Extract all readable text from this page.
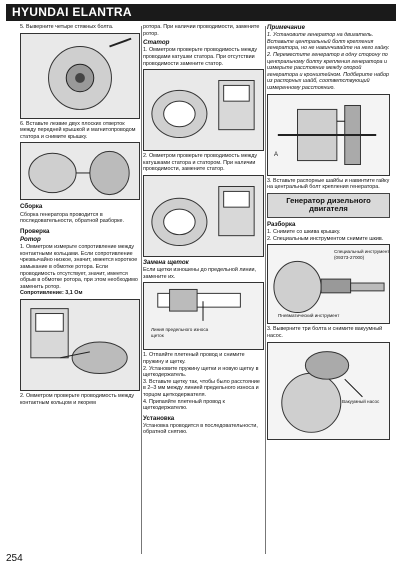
HYUNDAI ELANTRA

5. Выверните четыре стяжных болта.

6. Вставьте лезвие двух плоских отверток между передней крышкой и магнитопроводом статора и снимите крышку.

Сборка

Сборка генератора проводится в последовательности, обратной разборке.

Проверка

Ротор

1. Омметром измерьте сопротивление между контактными кольцами. Если сопротивление чрезвычайно низкое, значит, имеется короткое замыкание в обмотке ротора. Если проводимость отсутствует, значит, имеется обрыв в обмотке ротора, при этом необходимо заменить ротор.

Сопротивление: 3,1 Ом

2. Омметром проверьте проводимость между контактным кольцом и якорем

ротора. При наличии проводимости, замените ротор.

Статор

1. Омметром проверьте проводимость между проводами катушки статора. При отсутствии проводимости замените статор.

2. Омметром проверьте проводимость между катушками статора и статором. При наличии проводимости, замените статор.

Замена щеток

Если щетки изношены до предельной линии, замените их.

Линия предельного износа щеток

1. Отпаяйте плетеный провод и снимите пружину и щетку.

2. Установите пружину щетки и новую щетку в щеткодержатель.

3. Вставьте щетку так, чтобы было расстояние в 2–3 мм между линией предельного износа и торцом щеткодержателя.

4. Припаяйте плетеный провод к щеткодержателю.

Установка

Установка проводится в последовательности, обратной снятию.

Примечание

1. Установите генератор на двигатель. Вставьте центральный болт крепления генератора, но не навинчивайте на него гайку.

2. Переместите генератор в одну сторону по центральному болту крепления генератора и измерьте расстояние между опорой генератора и кронштейном. Подберите набор из распорных шайб, соответствующий измеренному расстоянию.

A

3. Вставьте распорные шайбы и навинтите гайку на центральный болт крепления генератора.

Генератор дизельного двигателя

Разборка

1. Снимите со шкива крышку.

2. Специальным инструментом снимите шкив.

Специальный инструмент (09373-27000)
Пневматический инструмент

3. Выверните три болта и снимите вакуумный насос.

Вакуумный насос
254
